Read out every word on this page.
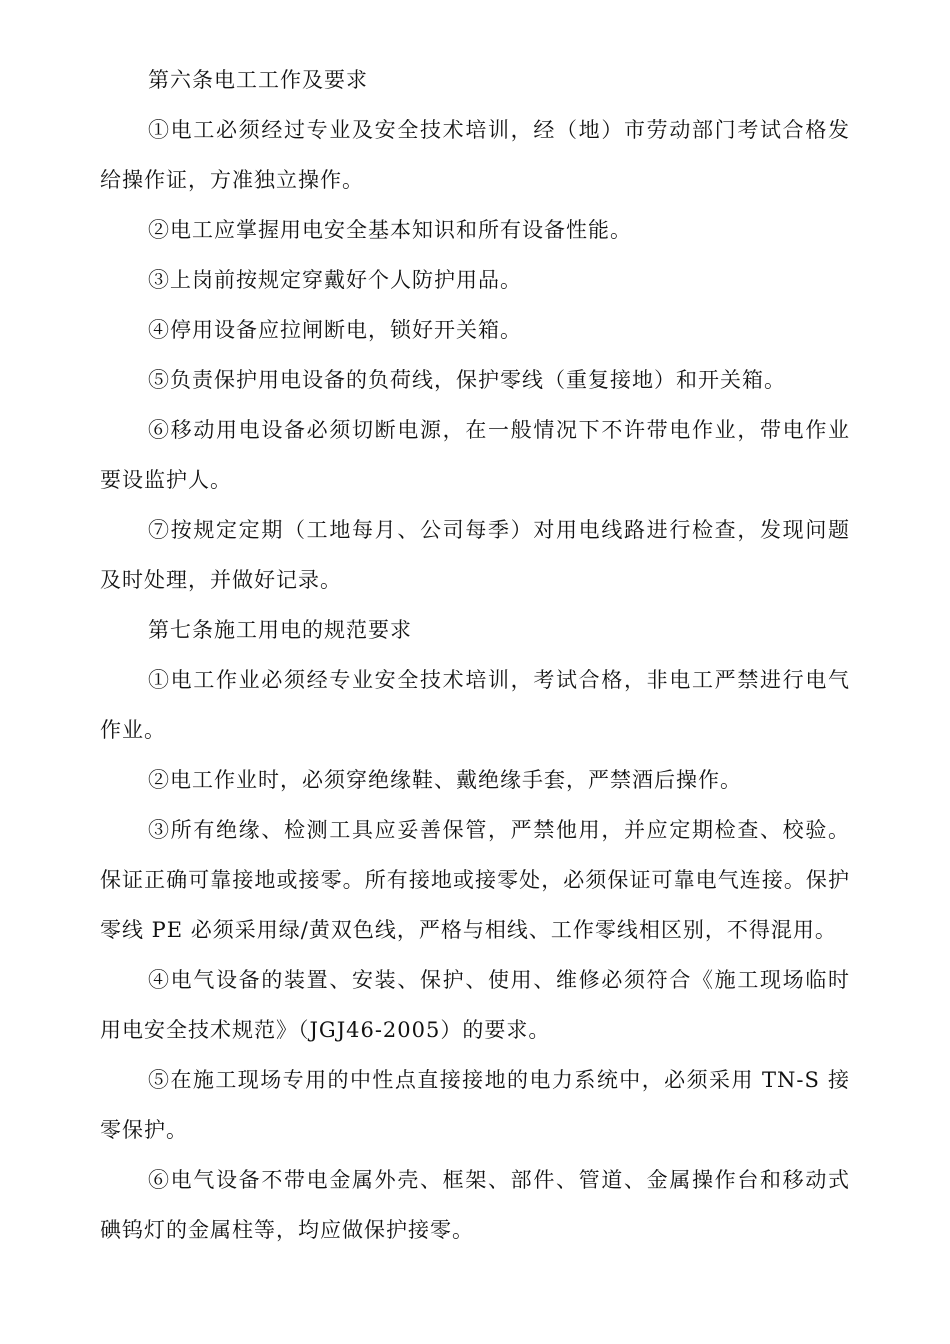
第六条电工工作及要求

①电工必须经过专业及安全技术培训，经（地）市劳动部门考试合格发给操作证，方准独立操作。

②电工应掌握用电安全基本知识和所有设备性能。

③上岗前按规定穿戴好个人防护用品。

④停用设备应拉闸断电，锁好开关箱。

⑤负责保护用电设备的负荷线，保护零线（重复接地）和开关箱。

⑥移动用电设备必须切断电源，在一般情况下不许带电作业，带电作业要设监护人。

⑦按规定定期（工地每月、公司每季）对用电线路进行检查，发现问题及时处理，并做好记录。

第七条施工用电的规范要求

①电工作业必须经专业安全技术培训，考试合格，非电工严禁进行电气作业。

②电工作业时，必须穿绝缘鞋、戴绝缘手套，严禁酒后操作。

③所有绝缘、检测工具应妥善保管，严禁他用，并应定期检查、校验。保证正确可靠接地或接零。所有接地或接零处，必须保证可靠电气连接。保护零线 PE 必须采用绿/黄双色线，严格与相线、工作零线相区别，不得混用。

④电气设备的装置、安装、保护、使用、维修必须符合《施工现场临时用电安全技术规范》（JGJ46-2005）的要求。

⑤在施工现场专用的中性点直接接地的电力系统中，必须采用 TN-S 接零保护。

⑥电气设备不带电金属外壳、框架、部件、管道、金属操作台和移动式碘钨灯的金属柱等，均应做保护接零。
